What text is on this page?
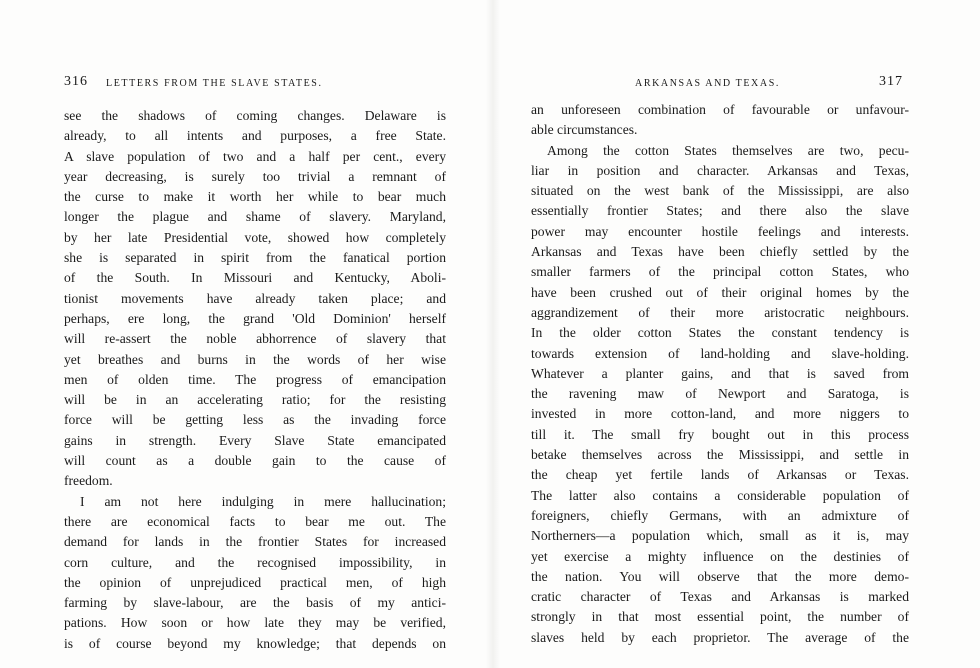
316 LETTERS FROM THE SLAVE STATES.
see the shadows of coming changes. Delaware is
already, to all intents and purposes, a free State.
A slave population of two and a half per cent., every
year decreasing, is surely too trivial a remnant of
the curse to make it worth her while to bear much
longer the plague and shame of slavery. Maryland,
by her late Presidential vote, showed how completely
she is separated in spirit from the fanatical portion
of the South. In Missouri and Kentucky, Aboli-
tionist movements have already taken place; and
perhaps, ere long, the grand 'Old Dominion' herself
will re-assert the noble abhorrence of slavery that
yet breathes and burns in the words of her wise
men of olden time. The progress of emancipation
will be in an accelerating ratio; for the resisting
force will be getting less as the invading force
gains in strength. Every Slave State emancipated
will count as a double gain to the cause of
freedom.
I am not here indulging in mere hallucination;
there are economical facts to bear me out. The
demand for lands in the frontier States for increased
corn culture, and the recognised impossibility, in
the opinion of unprejudiced practical men, of high
farming by slave-labour, are the basis of my antici-
pations. How soon or how late they may be verified,
is of course beyond my knowledge; that depends on
ARKANSAS AND TEXAS.	317
an unforeseen combination of favourable or unfavour-
able circumstances.
Among the cotton States themselves are two, pecu-
liar in position and character. Arkansas and Texas,
situated on the west bank of the Mississippi, are also
essentially frontier States; and there also the slave
power may encounter hostile feelings and interests.
Arkansas and Texas have been chiefly settled by the
smaller farmers of the principal cotton States, who
have been crushed out of their original homes by the
aggrandizement of their more aristocratic neighbours.
In the older cotton States the constant tendency is
towards extension of land-holding and slave-holding.
Whatever a planter gains, and that is saved from
the ravening maw of Newport and Saratoga, is
invested in more cotton-land, and more niggers to
till it. The small fry bought out in this process
betake themselves across the Mississippi, and settle in
the cheap yet fertile lands of Arkansas or Texas.
The latter also contains a considerable population of
foreigners, chiefly Germans, with an admixture of
Northerners—a population which, small as it is, may
yet exercise a mighty influence on the destinies of
the nation. You will observe that the more demo-
cratic character of Texas and Arkansas is marked
strongly in that most essential point, the number of
slaves held by each proprietor. The average of the
